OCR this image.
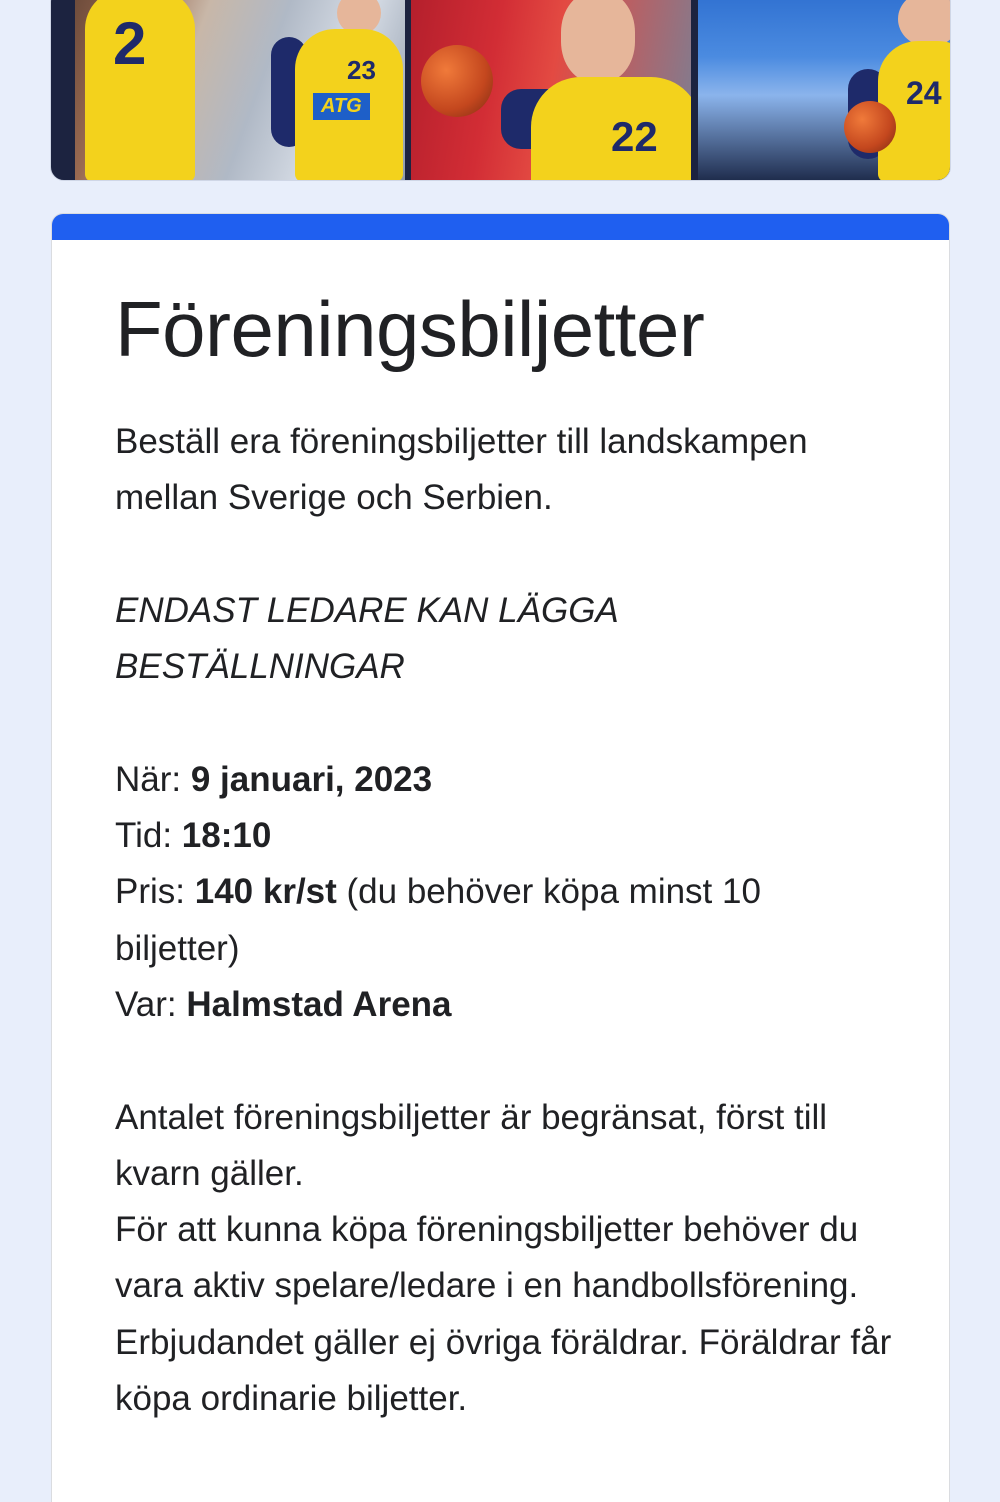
2	23
ATG
22
24
Föreningsbiljetter

Beställ era föreningsbiljetter till landskampen mellan Sverige och Serbien.

ENDAST LEDARE KAN LÄGGA BESTÄLLNINGAR

När: 9 januari, 2023

Tid: 18:10

Pris: 140 kr/st (du behöver köpa minst 10 biljetter)

Var: Halmstad Arena

Antalet föreningsbiljetter är begränsat, först till kvarn gäller.

För att kunna köpa föreningsbiljetter behöver du vara aktiv spelare/ledare i en handbollsförening. Erbjudandet gäller ej övriga föräldrar. Föräldrar får köpa ordinarie biljetter.
